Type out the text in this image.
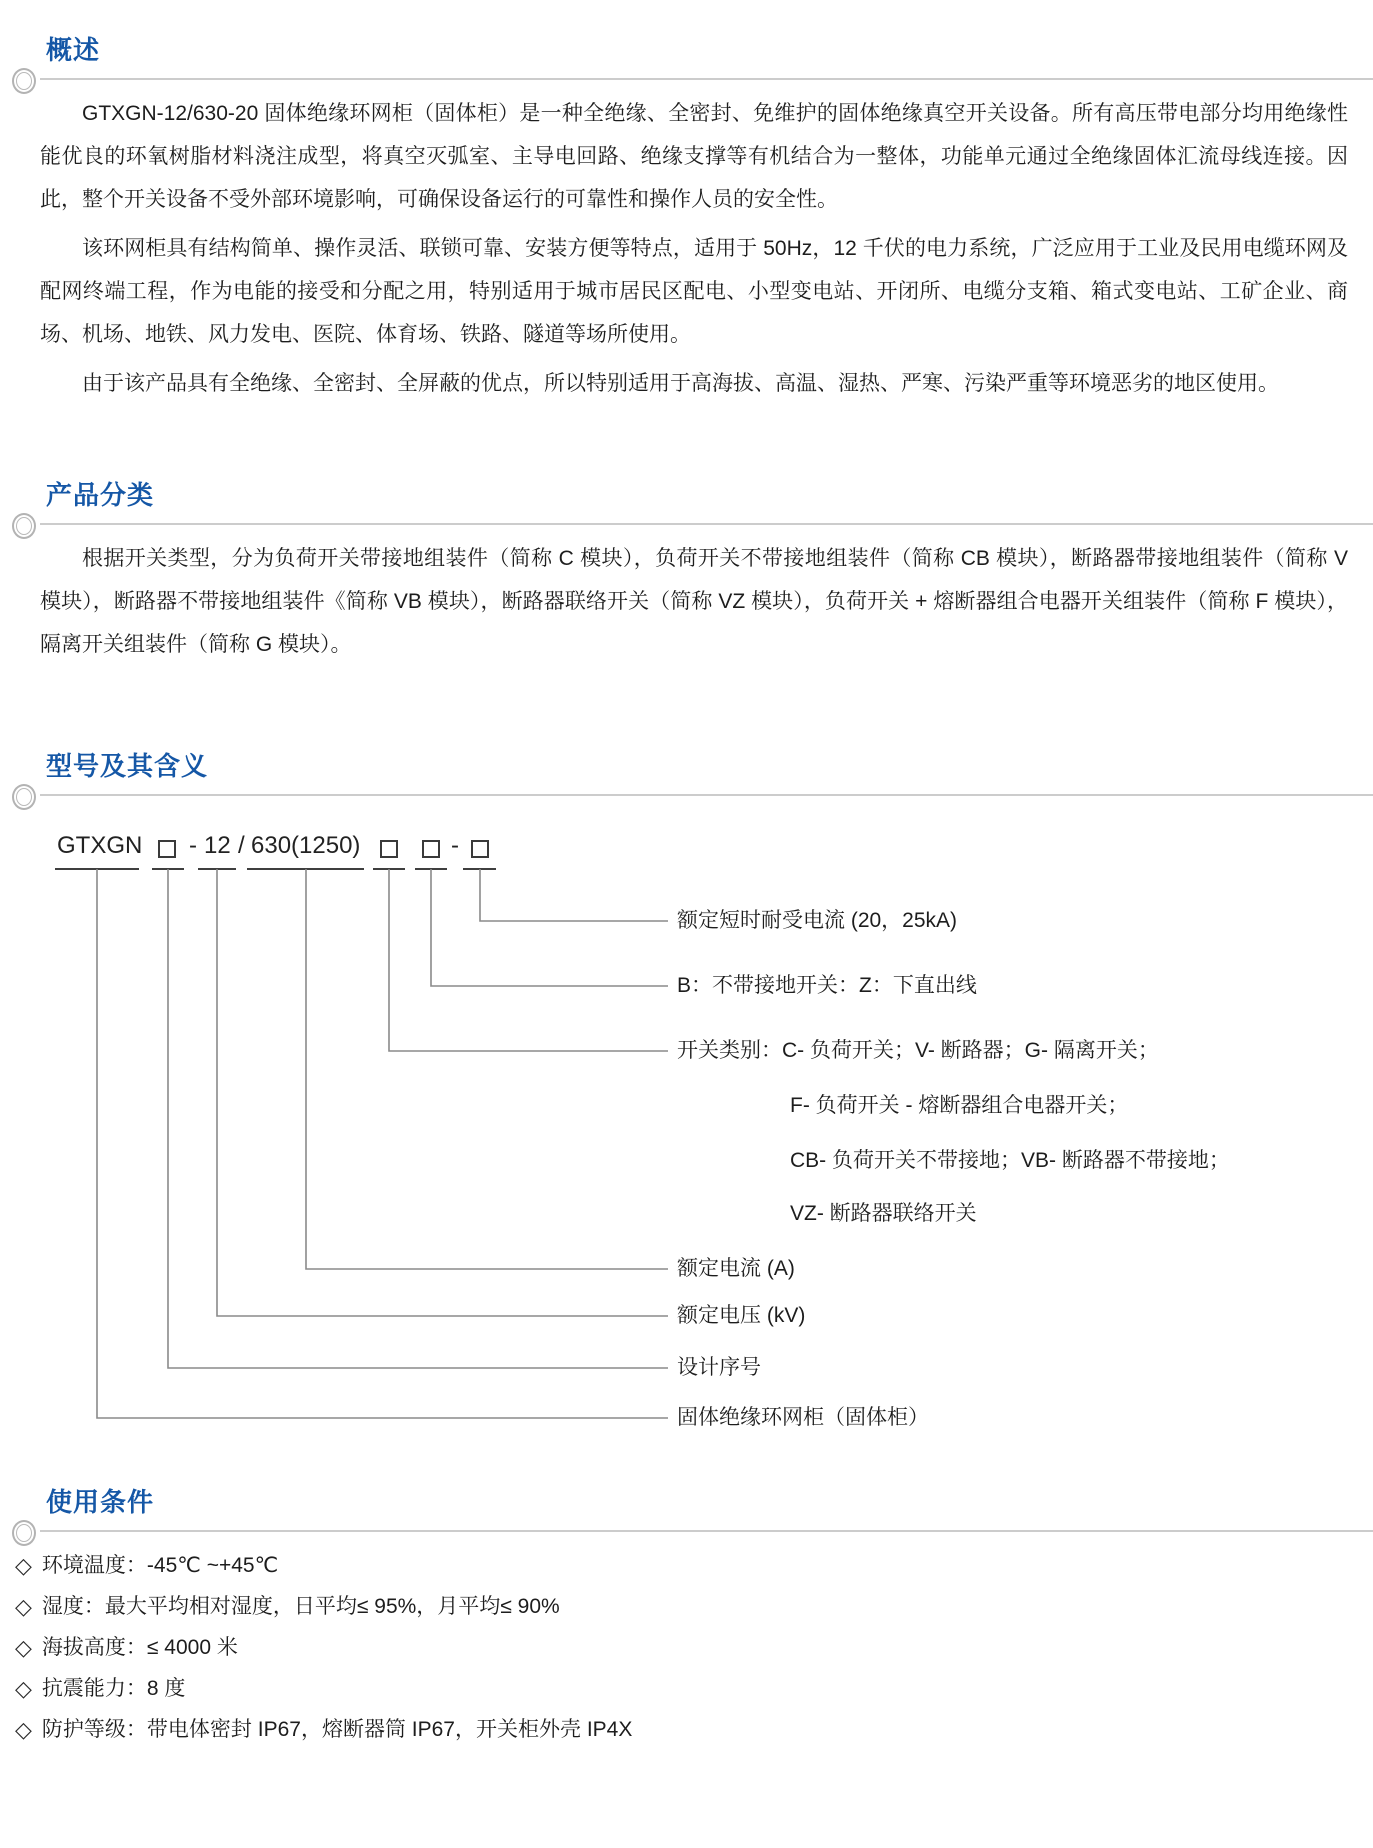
概述

GTXGN-12/630-20 固体绝缘环网柜（固体柜）是一种全绝缘、全密封、免维护的固体绝缘真空开关设备。所有高压带电部分均用绝缘性能优良的环氧树脂材料浇注成型，将真空灭弧室、主导电回路、绝缘支撑等有机结合为一整体，功能单元通过全绝缘固体汇流母线连接。因此，整个开关设备不受外部环境影响，可确保设备运行的可靠性和操作人员的安全性。

该环网柜具有结构简单、操作灵活、联锁可靠、安装方便等特点，适用于 50Hz，12 千伏的电力系统，广泛应用于工业及民用电缆环网及配网终端工程，作为电能的接受和分配之用，特别适用于城市居民区配电、小型变电站、开闭所、电缆分支箱、箱式变电站、工矿企业、商场、机场、地铁、风力发电、医院、体育场、铁路、隧道等场所使用。

由于该产品具有全绝缘、全密封、全屏蔽的优点，所以特别适用于高海拔、高温、湿热、严寒、污染严重等环境恶劣的地区使用。

产品分类

根据开关类型，分为负荷开关带接地组装件（简称 C 模块），负荷开关不带接地组装件（简称 CB 模块），断路器带接地组装件（简称 V 模块），断路器不带接地组装件《简称 VB 模块），断路器联络开关（简称 VZ 模块），负荷开关 + 熔断器组合电器开关组装件（简称 F 模块），隔离开关组装件（简称 G 模块）。

型号及其含义
GTXGN - 12 / 630(1250)	-
额定短时耐受电流 (20，25kA)
B：不带接地开关：Z：下直出线
开关类别：C- 负荷开关；V- 断路器；G- 隔离开关；
F- 负荷开关 - 熔断器组合电器开关；
CB- 负荷开关不带接地；VB- 断路器不带接地；
VZ- 断路器联络开关
额定电流 (A)
额定电压 (kV)
设计序号
固体绝缘环网柜（固体柜）
使用条件
◇ 环境温度：-45℃ ~+45℃
◇ 湿度：最大平均相对湿度，日平均≤ 95%，月平均≤ 90%
◇ 海拔高度：≤ 4000 米
◇ 抗震能力：8 度
◇ 防护等级：带电体密封 IP67，熔断器筒 IP67，开关柜外壳 IP4X
